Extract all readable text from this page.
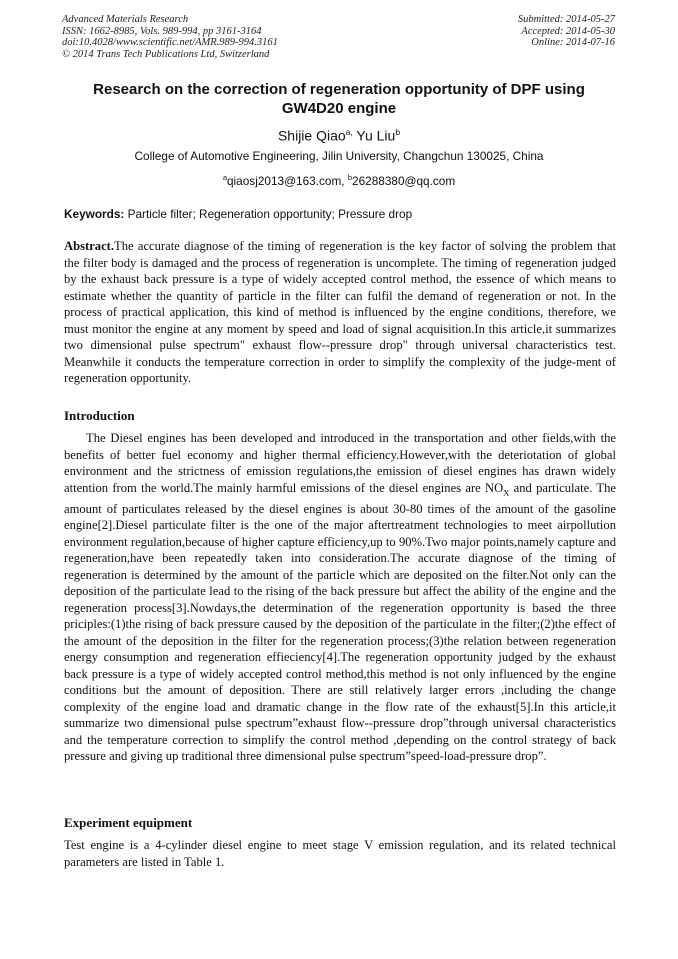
Advanced Materials Research
ISSN: 1662-8985, Vols. 989-994, pp 3161-3164
doi:10.4028/www.scientific.net/AMR.989-994.3161
© 2014 Trans Tech Publications Ltd, Switzerland
Submitted: 2014-05-27
Accepted: 2014-05-30
Online: 2014-07-16
Research on the correction of regeneration opportunity of DPF using GW4D20 engine
Shijie Qiao$^{a,}$ Yu Liu$^b$
College of Automotive Engineering, Jilin University, Changchun 130025, China
$^a$qiaosj2013@163.com, $^b$26288380@qq.com
Keywords: Particle filter; Regeneration opportunity; Pressure drop
Abstract.The accurate diagnose of the timing of regeneration is the key factor of solving the problem that the filter body is damaged and the process of regeneration is uncomplete. The timing of regeneration judged by the exhaust back pressure is a type of widely accepted control method, the essence of which means to estimate whether the quantity of particle in the filter can fulfil the demand of regeneration or not. In the process of practical application, this kind of method is influenced by the engine conditions, therefore, we must monitor the engine at any moment by speed and load of signal acquisition.In this article,it summarizes two dimensional pulse spectrum" exhaust flow--pressure drop" through universal characteristics test. Meanwhile it conducts the temperature correction in order to simplify the complexity of the judge-ment of regeneration opportunity.
Introduction
The Diesel engines has been developed and introduced in the transportation and other fields,with the benefits of better fuel economy and higher thermal efficiency.However,with the deteriotation of global environment and the strictness of emission regulations,the emission of diesel engines has drawn widely attention from the world.The mainly harmful emissions of the diesel engines are $NO_X$ and particulate. The amount of particulates released by the diesel engines is about 30-80 times of the amount of the gasoline engine[2].Diesel particulate filter is the one of the major aftertreatment technologies to meet airpollution environment regulation,because of higher capture efficiency,up to 90%.Two major points,namely capture and regeneration,have been repeatedly taken into consideration.The accurate diagnose of the timing of regeneration is determined by the amount of the particle which are deposited on the filter.Not only can the deposition of the particulate lead to the rising of the back pressure but affect the ability of the engine and the regeneration process[3].Nowdays,the determination of the regeneration opportunity is based the three priciples:(1)the rising of back pressure caused by the deposition of the particulate in the filter;(2)the effect of the amount of the deposition in the filter for the regeneration process;(3)the relation between regeneration energy consumption and regeneration effieciency[4].The regeneration opportunity judged by the exhaust back pressure is a type of widely accepted control method,this method is not only influenced by the engine conditions but the amount of deposition. There are still relatively larger errors ,including the change complexity of the engine load and dramatic change in the flow rate of the exhaust[5].In this article,it summarize two dimensional pulse spectrum”exhaust flow--pressure drop”through universal characteristics and the temperature correction to simplify the control method ,depending on the control strategy of back pressure and giving up traditional three dimensional pulse spectrum”speed-load-pressure drop”.
Experiment equipment
Test engine is a 4-cylinder diesel engine to meet stage V emission regulation, and its related technical parameters are listed in Table 1.
